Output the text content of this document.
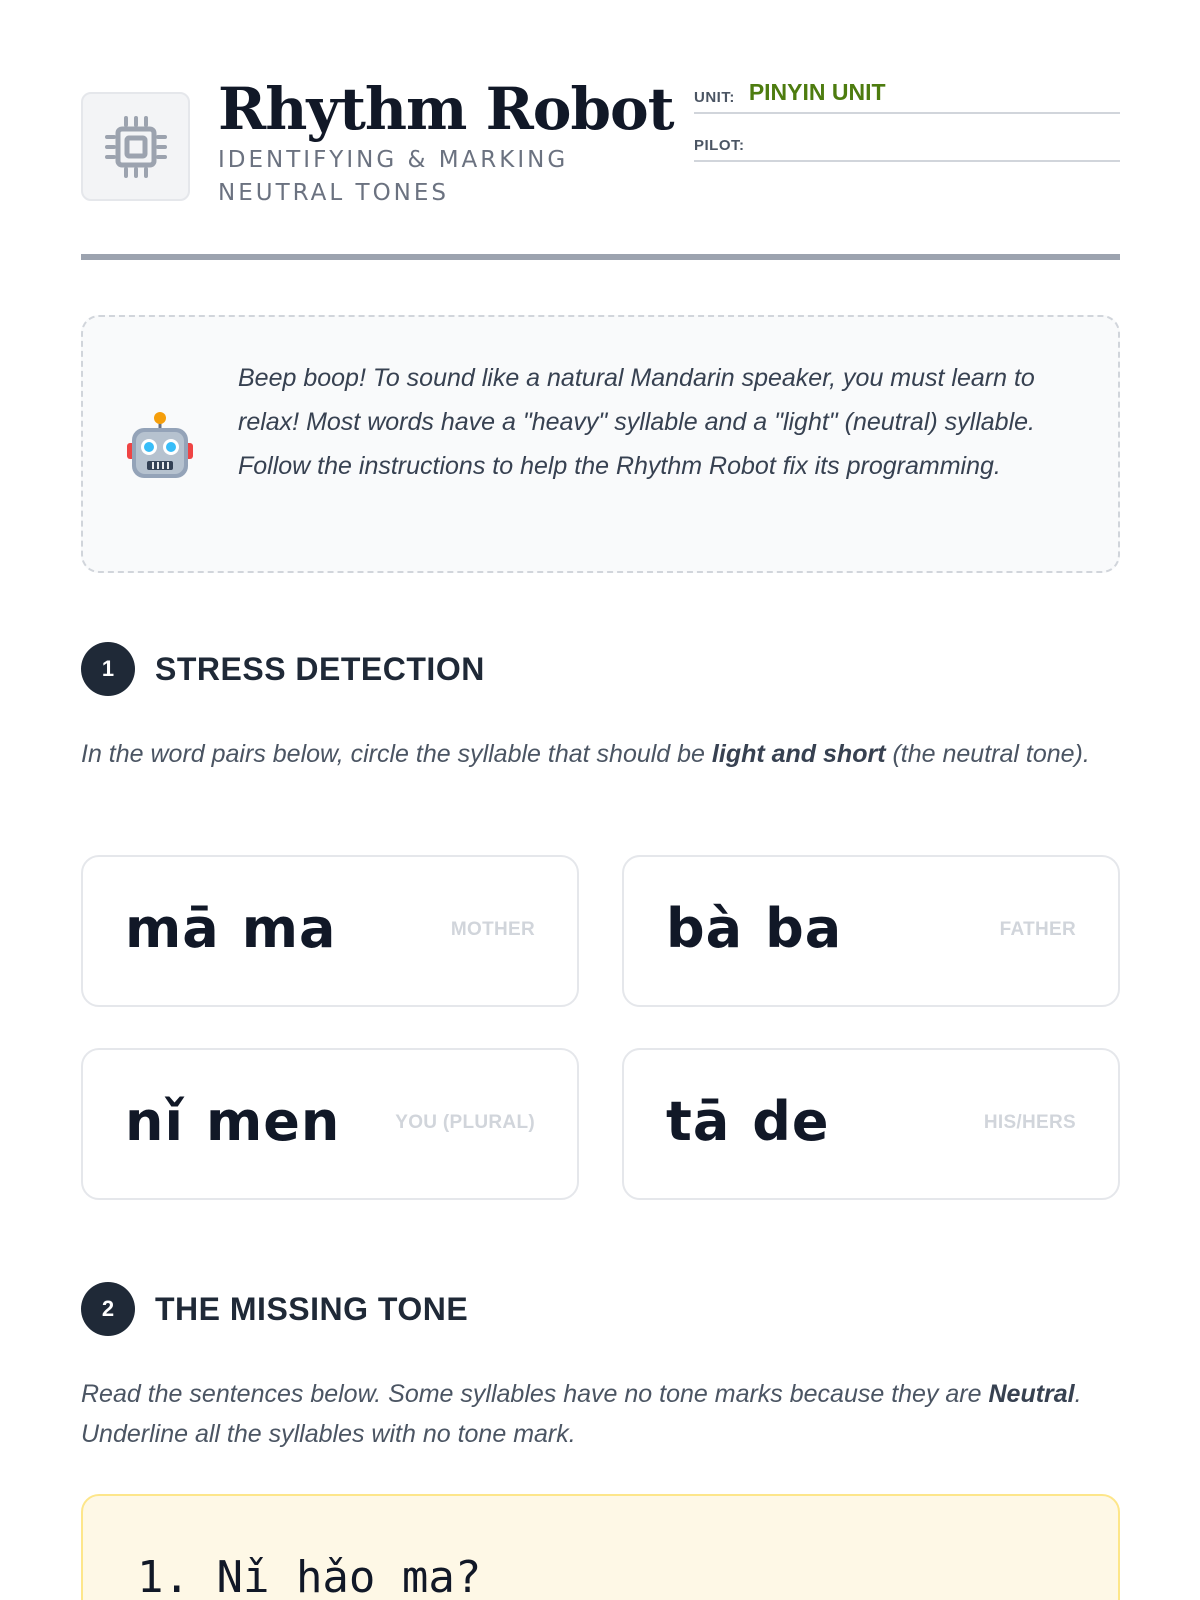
Rhythm Robot
IDENTIFYING & MARKING NEUTRAL TONES
UNIT: PINYIN UNIT
PILOT:
Beep boop! To sound like a natural Mandarin speaker, you must learn to relax! Most words have a "heavy" syllable and a "light" (neutral) syllable. Follow the instructions to help the Rhythm Robot fix its programming.
1	STRESS DETECTION
In the word pairs below, circle the syllable that should be light and short (the neutral tone).
mā ma	MOTHER bà ba	FATHER
nǐ men	YOU (PLURAL) tā de	HIS/HERS
2	THE MISSING TONE
Read the sentences below. Some syllables have no tone marks because they are Neutral. Underline all the syllables with no tone mark.
1. Nǐ hǎo ma?
